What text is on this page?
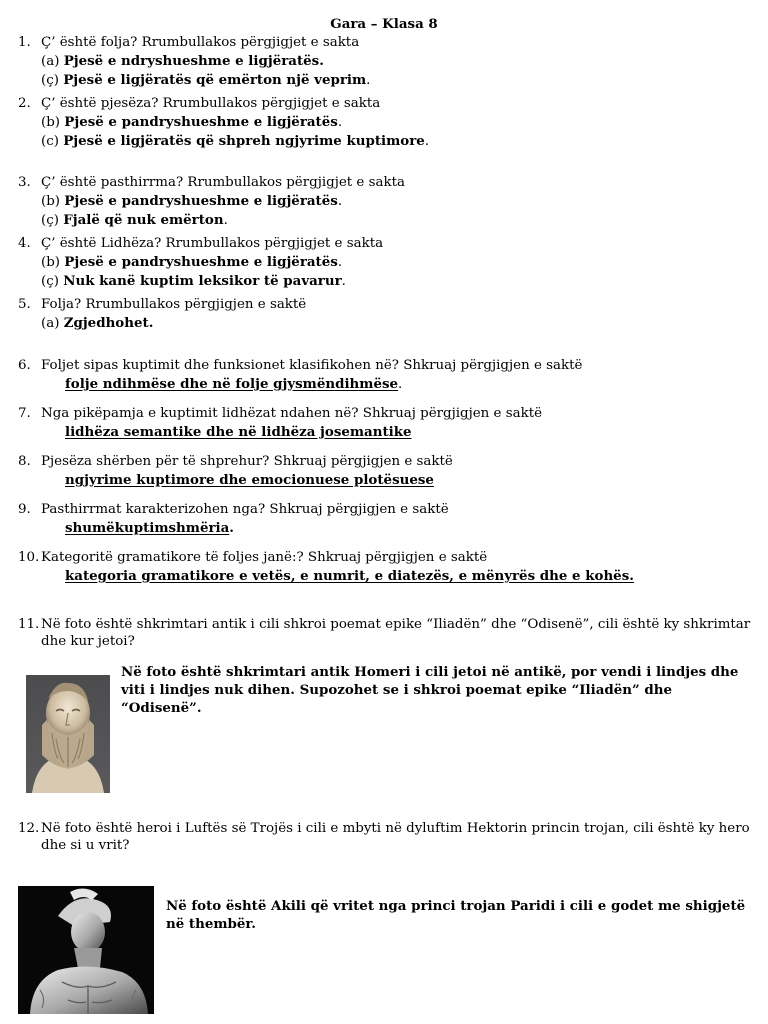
Gara – Klasa 8
1. Ç’ është folja? Rrumbullakos përgjigjet e sakta
(a) Pjesë e ndryshueshme e ligjëratës.
(ç) Pjesë e ligjëratës që emërton një veprim.
2. Ç’ është pjesëza? Rrumbullakos përgjigjet e sakta
(b) Pjesë e pandryshueshme e ligjëratës.
(c) Pjesë e ligjëratës që shpreh ngjyrime kuptimore.
3. Ç’ është pasthirrma? Rrumbullakos përgjigjet e sakta
(b) Pjesë e pandryshueshme e ligjëratës.
(ç) Fjalë që nuk emërton.
4. Ç’ është Lidhëza? Rrumbullakos përgjigjet e sakta
(b) Pjesë e pandryshueshme e ligjëratës.
(ç) Nuk kanë kuptim leksikor të pavarur.
5. Folja? Rrumbullakos përgjigjen e saktë
(a) Zgjedhohet.
6. Foljet sipas kuptimit dhe funksionet klasifikohen në? Shkruaj përgjigjen e saktë
folje ndihmëse dhe në folje gjysmëndihmëse.
7. Nga pikëpamja e kuptimit lidhëzat ndahen në? Shkruaj përgjigjen e saktë
lidhëza semantike dhe në lidhëza josemantike
8. Pjesëza shërben për të shprehur? Shkruaj përgjigjen e saktë
ngjyrime kuptimore dhe emocionuese plotësuese
9. Pasthirrmat karakterizohen nga? Shkruaj përgjigjen e saktë
shumëkuptimshmëria.
10. Kategoritë gramatikore të foljes janë:? Shkruaj përgjigjen e saktë
kategoria gramatikore e vetës, e numrit, e diatezës, e mënyrës dhe e kohës.
11. Në foto është shkrimtari antik i cili shkroi poemat epike “Iliadën” dhe “Odisenë”, cili është ky shkrimtar dhe kur jetoi?
Në foto është shkrimtari antik Homeri i cili jetoi në antikë, por vendi i lindjes dhe viti i lindjes nuk dihen. Supozohet se i shkroi poemat epike “Iliadën” dhe “Odisenë”.
12. Në foto është heroi i Luftës së Trojës i cili e mbyti në dyluftim Hektorin princin trojan, cili është ky hero dhe si u vrit?
Në foto është Akili që vritet nga princi trojan Paridi i cili e godet me shigjetë në thembër.
